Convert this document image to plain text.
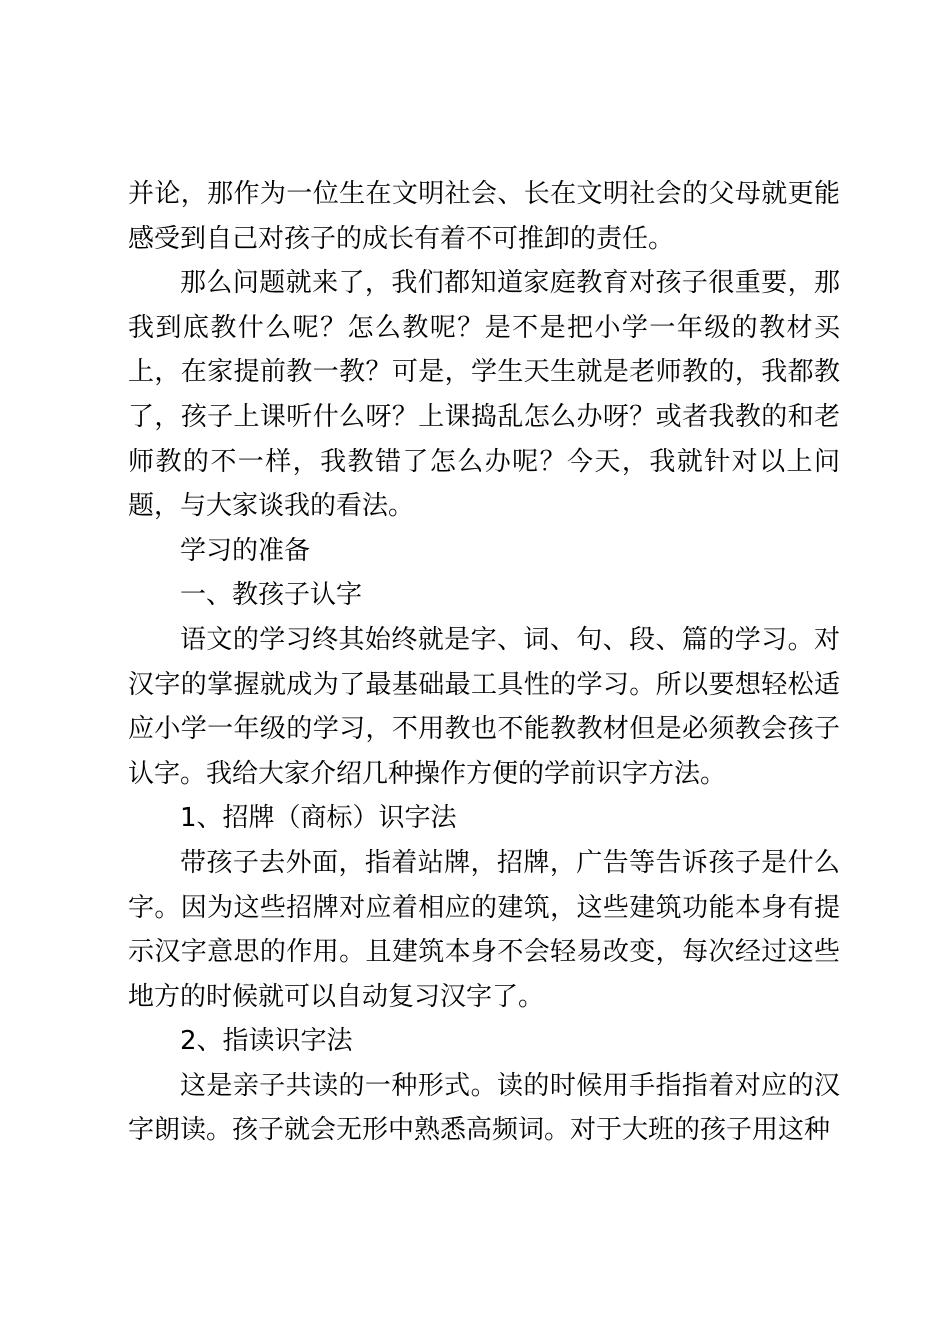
并论，那作为一位生在文明社会、长在文明社会的父母就更能感受到自己对孩子的成长有着不可推卸的责任。

那么问题就来了，我们都知道家庭教育对孩子很重要，那我到底教什么呢？怎么教呢？是不是把小学一年级的教材买上，在家提前教一教？可是，学生天生就是老师教的，我都教了，孩子上课听什么呀？上课捣乱怎么办呀？或者我教的和老师教的不一样，我教错了怎么办呢？今天，我就针对以上问题，与大家谈我的看法。

学习的准备

一、教孩子认字

语文的学习终其始终就是字、词、句、段、篇的学习。对汉字的掌握就成为了最基础最工具性的学习。所以要想轻松适应小学一年级的学习，不用教也不能教教材但是必须教会孩子认字。我给大家介绍几种操作方便的学前识字方法。

1、招牌（商标）识字法

带孩子去外面，指着站牌，招牌，广告等告诉孩子是什么字。因为这些招牌对应着相应的建筑，这些建筑功能本身有提示汉字意思的作用。且建筑本身不会轻易改变，每次经过这些地方的时候就可以自动复习汉字了。

2、指读识字法

这是亲子共读的一种形式。读的时候用手指指着对应的汉字朗读。孩子就会无形中熟悉高频词。对于大班的孩子用这种
